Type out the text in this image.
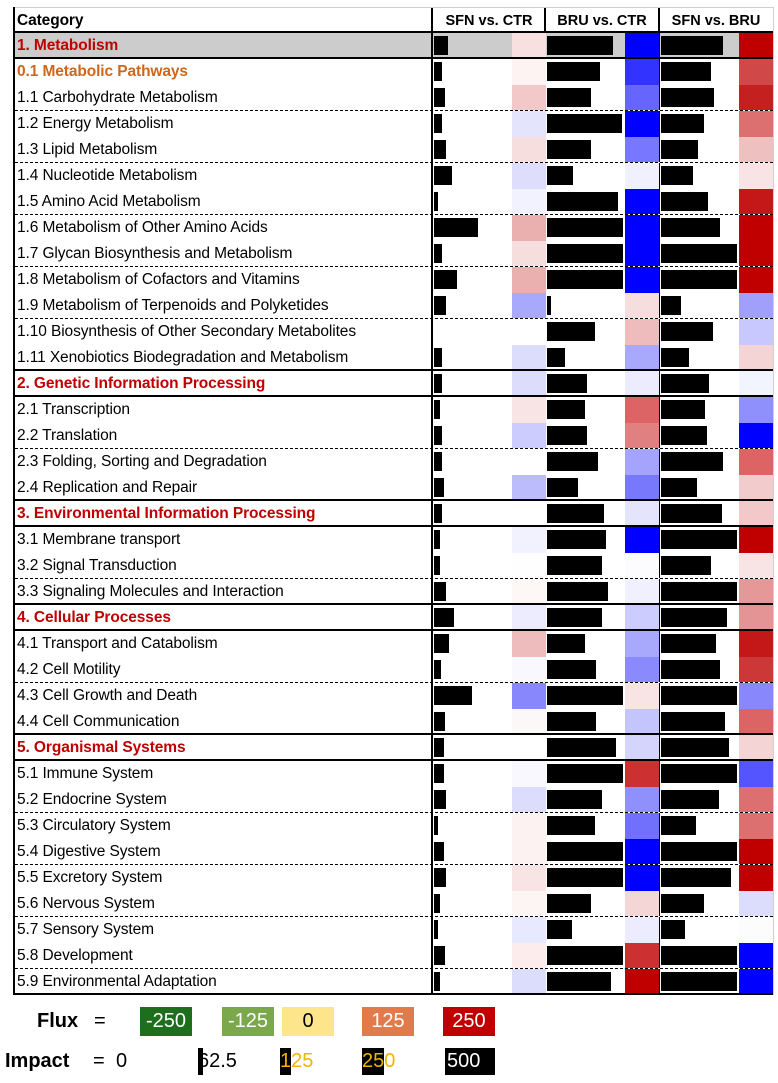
Category	SFN vs. CTR	BRU vs. CTR	SFN vs. BRU
1. Metabolism
0.1 Metabolic Pathways
1.1 Carbohydrate Metabolism
1.2 Energy Metabolism
1.3 Lipid Metabolism
1.4 Nucleotide Metabolism
1.5 Amino Acid Metabolism
1.6 Metabolism of Other Amino Acids
1.7 Glycan Biosynthesis and Metabolism
1.8 Metabolism of Cofactors and Vitamins
1.9 Metabolism of Terpenoids and Polyketides
1.10 Biosynthesis of Other Secondary Metabolites
1.11 Xenobiotics Biodegradation and Metabolism
2. Genetic Information Processing
2.1 Transcription
2.2 Translation
2.3 Folding, Sorting and Degradation
2.4 Replication and Repair
3. Environmental Information Processing
3.1 Membrane transport
3.2 Signal Transduction
3.3 Signaling Molecules and Interaction
4. Cellular Processes
4.1 Transport and Catabolism
4.2 Cell Motility
4.3 Cell Growth and Death
4.4 Cell Communication
5. Organismal Systems
5.1 Immune System
5.2 Endocrine System
5.3 Circulatory System
5.4 Digestive System
5.5 Excretory System
5.6 Nervous System
5.7 Sensory System
5.8 Development
5.9 Environmental Adaptation
Flux = -250 -125	0	125	250
Impact = 0	62.5 125 250	500
